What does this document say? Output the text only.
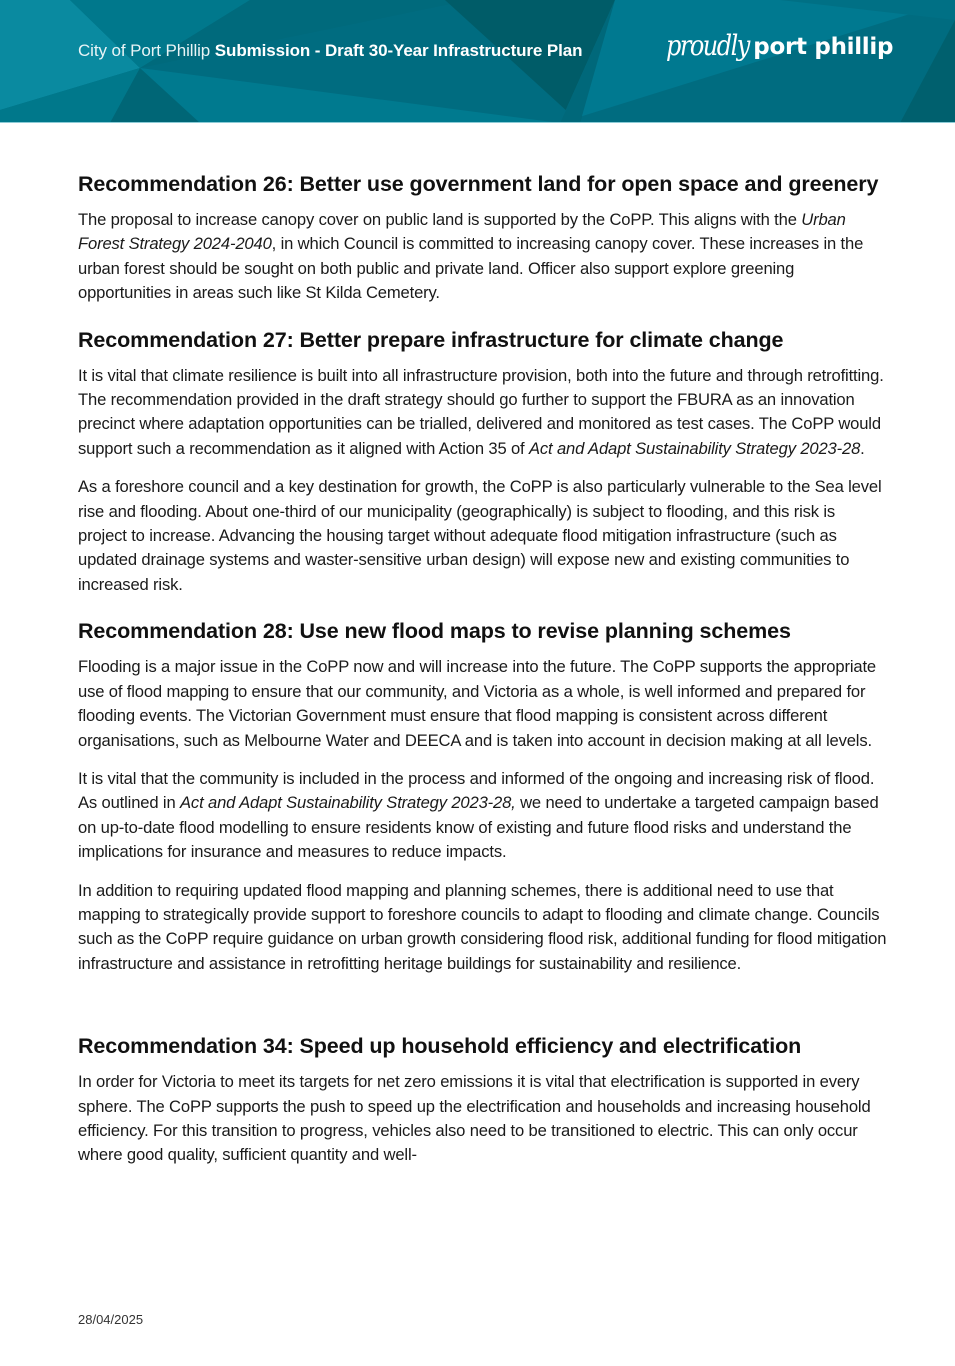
City of Port Phillip Submission - Draft 30-Year Infrastructure Plan	proudly port phillip
Recommendation 26: Better use government land for open space and greenery

The proposal to increase canopy cover on public land is supported by the CoPP. This aligns with the Urban Forest Strategy 2024-2040, in which Council is committed to increasing canopy cover. These increases in the urban forest should be sought on both public and private land. Officer also support explore greening opportunities in areas such like St Kilda Cemetery.

Recommendation 27: Better prepare infrastructure for climate change

It is vital that climate resilience is built into all infrastructure provision, both into the future and through retrofitting. The recommendation provided in the draft strategy should go further to support the FBURA as an innovation precinct where adaptation opportunities can be trialled, delivered and monitored as test cases. The CoPP would support such a recommendation as it aligned with Action 35 of Act and Adapt Sustainability Strategy 2023-28.

As a foreshore council and a key destination for growth, the CoPP is also particularly vulnerable to the Sea level rise and flooding. About one-third of our municipality (geographically) is subject to flooding, and this risk is project to increase. Advancing the housing target without adequate flood mitigation infrastructure (such as updated drainage systems and waster-sensitive urban design) will expose new and existing communities to increased risk.

Recommendation 28: Use new flood maps to revise planning schemes

Flooding is a major issue in the CoPP now and will increase into the future. The CoPP supports the appropriate use of flood mapping to ensure that our community, and Victoria as a whole, is well informed and prepared for flooding events. The Victorian Government must ensure that flood mapping is consistent across different organisations, such as Melbourne Water and DEECA and is taken into account in decision making at all levels.

It is vital that the community is included in the process and informed of the ongoing and increasing risk of flood. As outlined in Act and Adapt Sustainability Strategy 2023-28, we need to undertake a targeted campaign based on up-to-date flood modelling to ensure residents know of existing and future flood risks and understand the implications for insurance and measures to reduce impacts.

In addition to requiring updated flood mapping and planning schemes, there is additional need to use that mapping to strategically provide support to foreshore councils to adapt to flooding and climate change. Councils such as the CoPP require guidance on urban growth considering flood risk, additional funding for flood mitigation infrastructure and assistance in retrofitting heritage buildings for sustainability and resilience.

Recommendation 34: Speed up household efficiency and electrification

In order for Victoria to meet its targets for net zero emissions it is vital that electrification is supported in every sphere. The CoPP supports the push to speed up the electrification and households and increasing household efficiency. For this transition to progress, vehicles also need to be transitioned to electric. This can only occur where good quality, sufficient quantity and well-

28/04/2025
